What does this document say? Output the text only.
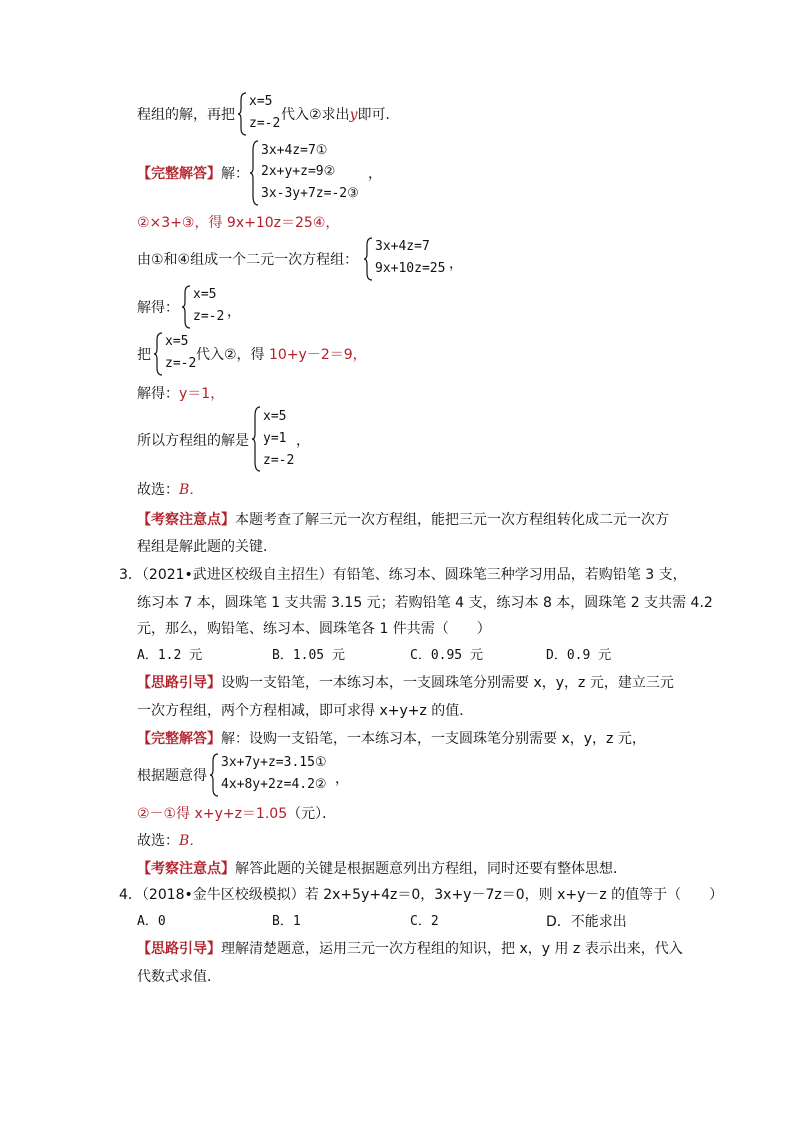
程组的解，再把
x=5
z=-2
代入②求出y即可．
【完整解答】解：
3x+4z=7①
2x+y+z=9②
3x-3y+7z=-2③
，
②×3+③，得 9x+10z＝25④，
由①和④组成一个二元一次方程组：
3x+4z=7
9x+10z=25 ，
解得：
x=5
z=-2 ，
把
x=5
z=-2
代入②，得 10+y－2＝9，
解得：y＝1，
所以方程组的解是
x=5
y=1
z=-2
，
故选：B．
【考察注意点】本题考查了解三元一次方程组，能把三元一次方程组转化成二元一次方
程组是解此题的关键．
3．（2021•武进区校级自主招生）有铅笔、练习本、圆珠笔三种学习用品，若购铅笔 3 支，
练习本 7 本，圆珠笔 1 支共需 3.15 元；若购铅笔 4 支，练习本 8 本，圆珠笔 2 支共需 4.2
元，那么，购铅笔、练习本、圆珠笔各 1 件共需（　　）
A．1.2 元	B．1.05 元	C．0.95 元	D．0.9 元
【思路引导】设购一支铅笔，一本练习本，一支圆珠笔分别需要 x，y，z 元，建立三元
一次方程组，两个方程相减，即可求得 x+y+z 的值．
【完整解答】解：设购一支铅笔，一本练习本，一支圆珠笔分别需要 x，y，z 元，
根据题意得
3x+7y+z=3.15①
4x+8y+2z=4.2② ，
②－①得 x+y+z＝1.05（元）．
故选：B．
【考察注意点】解答此题的关键是根据题意列出方程组，同时还要有整体思想．
4．（2018•金牛区校级模拟）若 2x+5y+4z＝0，3x+y－7z＝0，则 x+y－z 的值等于（　　）
A．0	B．1	C．2	D．不能求出
【思路引导】理解清楚题意，运用三元一次方程组的知识，把 x，y 用 z 表示出来，代入
代数式求值．
